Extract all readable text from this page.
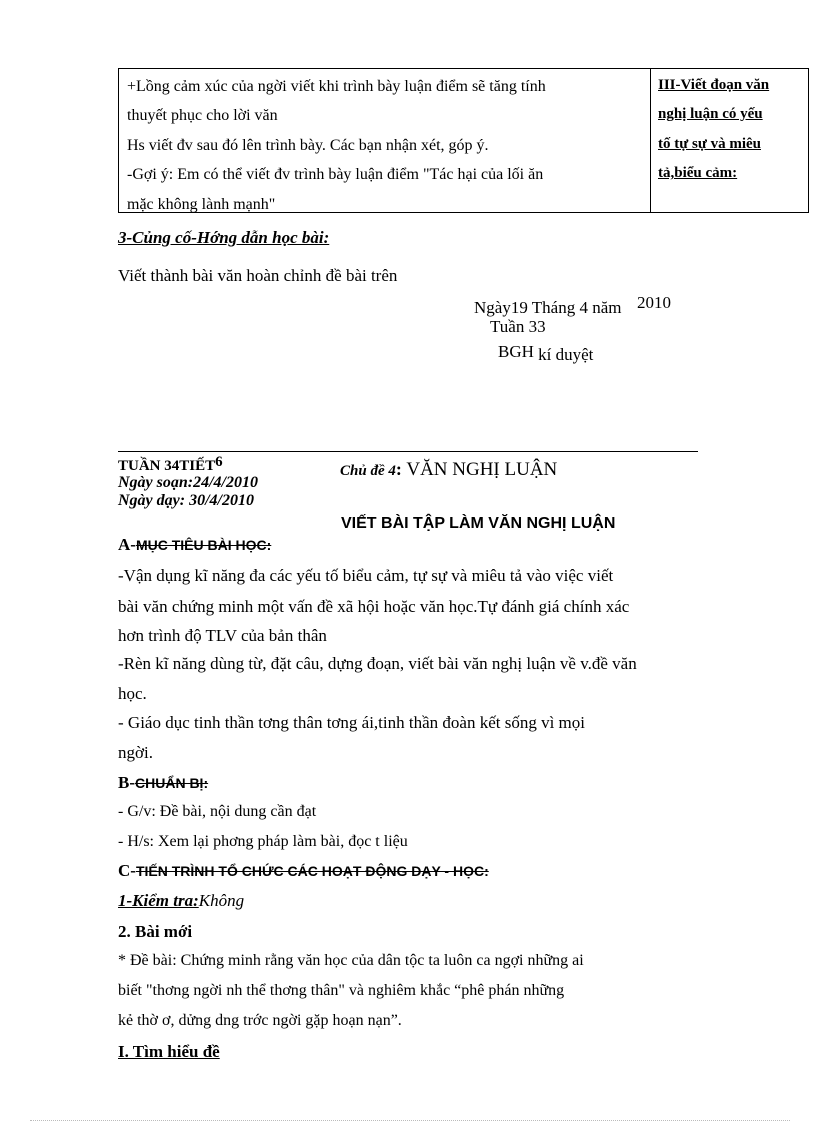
+Lồng cảm xúc của ngời viết khi trình bày luận điểm sẽ tăng tính
thuyết phục cho lời văn
Hs viết đv sau đó lên trình bày. Các bạn nhận xét, góp ý.
-Gợi ý: Em có thể viết đv trình bày luận điểm "Tác hại của lối ăn
mặc không lành mạnh"
III-Viết đoạn văn
nghị luận có yếu
tố tự sự và miêu
tả,biểu cảm:
3-Củng cố-Hớng dẫn học bài:
Viết thành bài văn hoàn chỉnh đề bài trên
Ngày19 Tháng 4 năm 2010
Tuần 33
BGH kí duyệt
TUẦN 34TIẾT6
Ngày soạn:24/4/2010
Ngày dạy: 30/4/2010
Chủ đề 4: VĂN NGHỊ LUẬN
VIẾT BÀI TẬP LÀM VĂN NGHỊ LUẬN
A-MỤC TIÊU BÀI HỌC:
-Vận dụng kĩ năng đa các yếu tố biểu cảm, tự sự và miêu tả vào việc viết
bài văn chứng minh một vấn đề xã hội hoặc văn học.Tự đánh giá chính xác
hơn trình độ TLV của bản thân
-Rèn kĩ năng dùng từ, đặt câu, dựng đoạn, viết bài văn nghị luận về v.đề văn
học.
- Giáo dục tinh thần tơng thân tơng ái,tinh thần đoàn kết sống vì mọi
ngời.
B-CHUẨN BỊ:
- G/v: Đề bài, nội dung cần đạt
- H/s: Xem lại phơng pháp làm bài, đọc t liệu
C-TIẾN TRÌNH TỔ CHỨC CÁC HOẠT ĐỘNG DẠY - HỌC:
1-Kiểm tra:Không
2. Bài mới
* Đề bài: Chứng minh rằng văn học của dân tộc ta luôn ca ngợi những ai
biết "thơng ngời nh thể thơng thân" và nghiêm khắc “phê phán những
kẻ thờ ơ, dửng dng trớc ngời gặp hoạn nạn”.
I. Tìm hiểu đề
